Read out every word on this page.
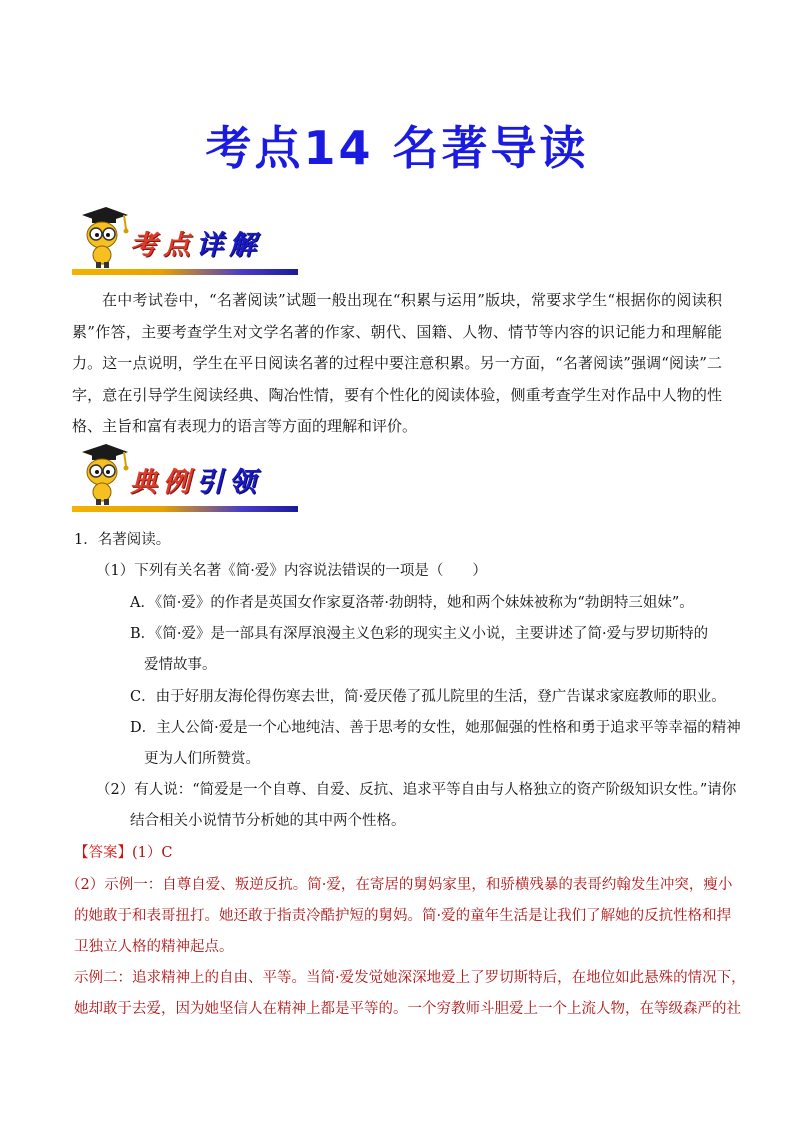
考点14 名著导读
考点详解
在中考试卷中，“名著阅读”试题一般出现在“积累与运用”版块，常要求学生“根据你的阅读积累”作答，主要考查学生对文学名著的作家、朝代、国籍、人物、情节等内容的识记能力和理解能力。这一点说明，学生在平日阅读名著的过程中要注意积累。另一方面，“名著阅读”强调“阅读”二字，意在引导学生阅读经典、陶冶性情，要有个性化的阅读体验，侧重考查学生对作品中人物的性格、主旨和富有表现力的语言等方面的理解和评价。
典例引领
1．名著阅读。
（1）下列有关名著《简·爱》内容说法错误的一项是（　　）
A．《简·爱》的作者是英国女作家夏洛蒂·勃朗特，她和两个妹妹被称为“勃朗特三姐妹”。
B．《简·爱》是一部具有深厚浪漫主义色彩的现实主义小说，主要讲述了简·爱与罗切斯特的
爱情故事。
C．由于好朋友海伦得伤寒去世，简·爱厌倦了孤儿院里的生活，登广告谋求家庭教师的职业。
D．主人公简·爱是一个心地纯洁、善于思考的女性，她那倔强的性格和勇于追求平等幸福的精神
更为人们所赞赏。
（2）有人说：“简爱是一个自尊、自爱、反抗、追求平等自由与人格独立的资产阶级知识女性。”请你
结合相关小说情节分析她的其中两个性格。
【答案】(1）C
（2）示例一：自尊自爱、叛逆反抗。简·爱，在寄居的舅妈家里，和骄横残暴的表哥约翰发生冲突，瘦小
的她敢于和表哥扭打。她还敢于指责冷酷护短的舅妈。简·爱的童年生活是让我们了解她的反抗性格和捍
卫独立人格的精神起点。
示例二：追求精神上的自由、平等。当简·爱发觉她深深地爱上了罗切斯特后，在地位如此悬殊的情况下，
她却敢于去爱，因为她坚信人在精神上都是平等的。一个穷教师斗胆爱上一个上流人物，在等级森严的社
